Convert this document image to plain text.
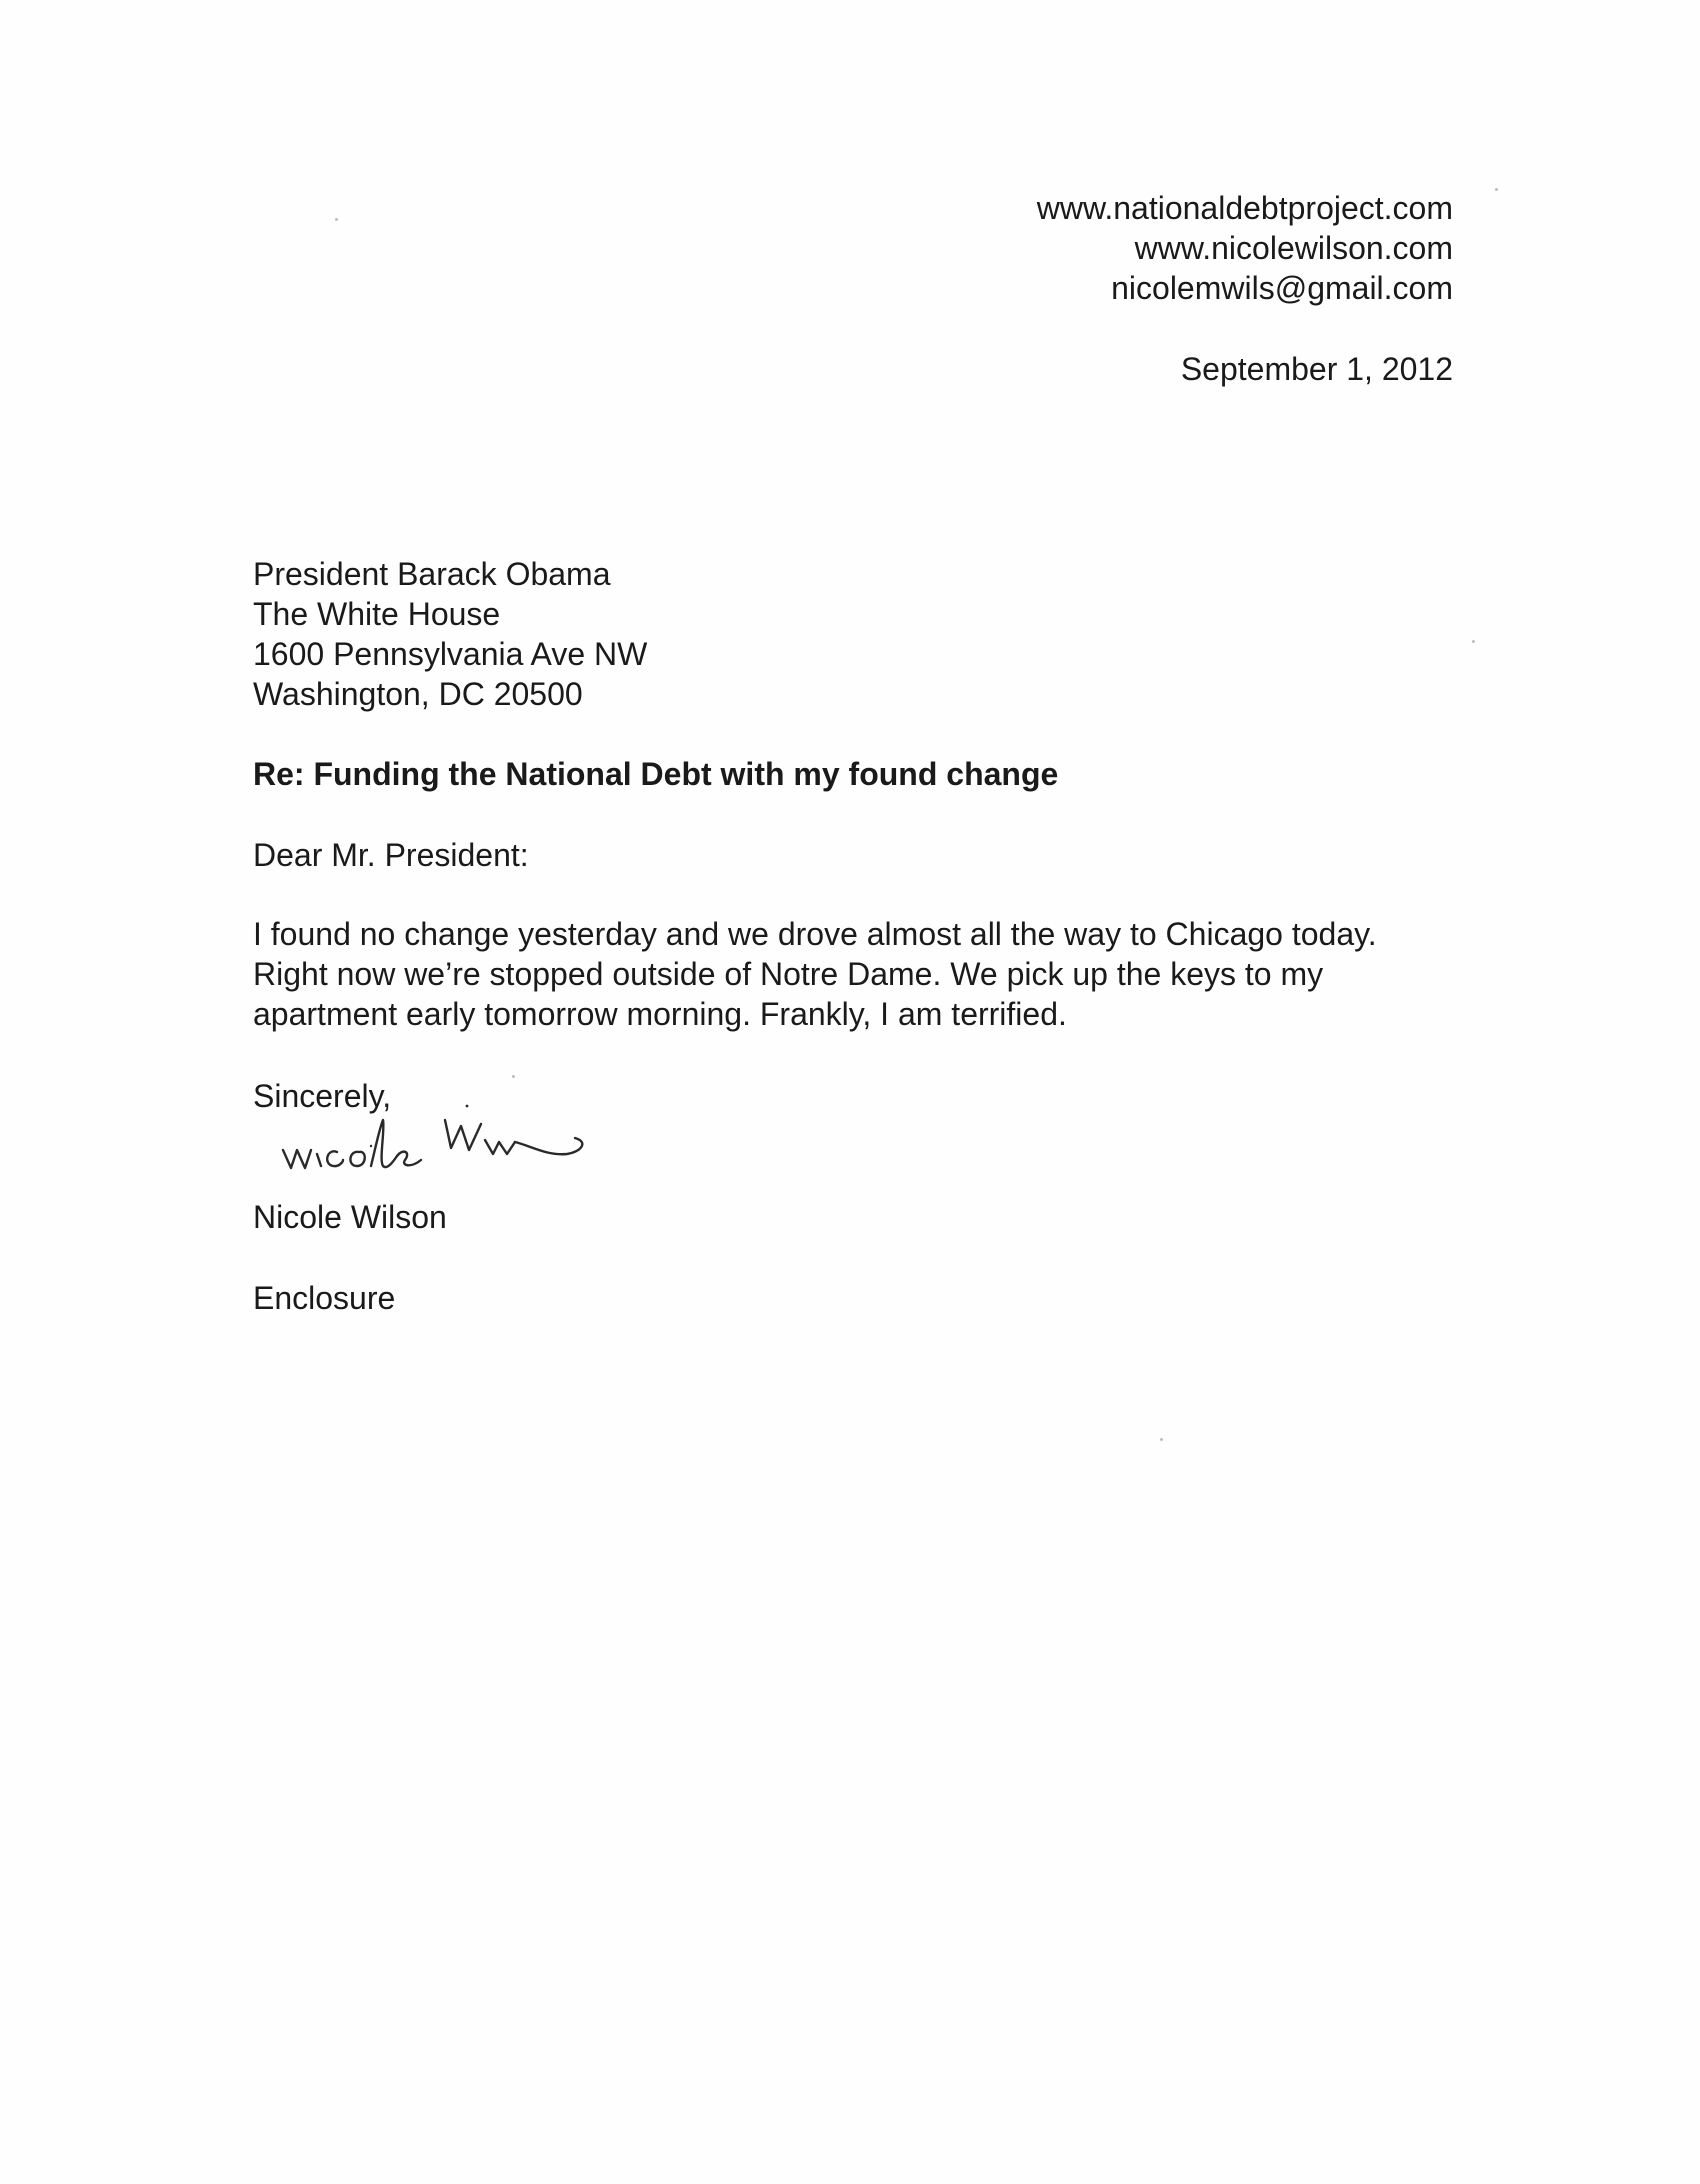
www.nationaldebtproject.com
www.nicolewilson.com
nicolemwils@gmail.com
September 1, 2012
President Barack Obama
The White House
1600 Pennsylvania Ave NW
Washington, DC 20500
Re: Funding the National Debt with my found change
Dear Mr. President:
I found no change yesterday and we drove almost all the way to Chicago today.
Right now we’re stopped outside of Notre Dame. We pick up the keys to my
apartment early tomorrow morning. Frankly, I am terrified.
Sincerely,
Nicole Wilson
Enclosure
